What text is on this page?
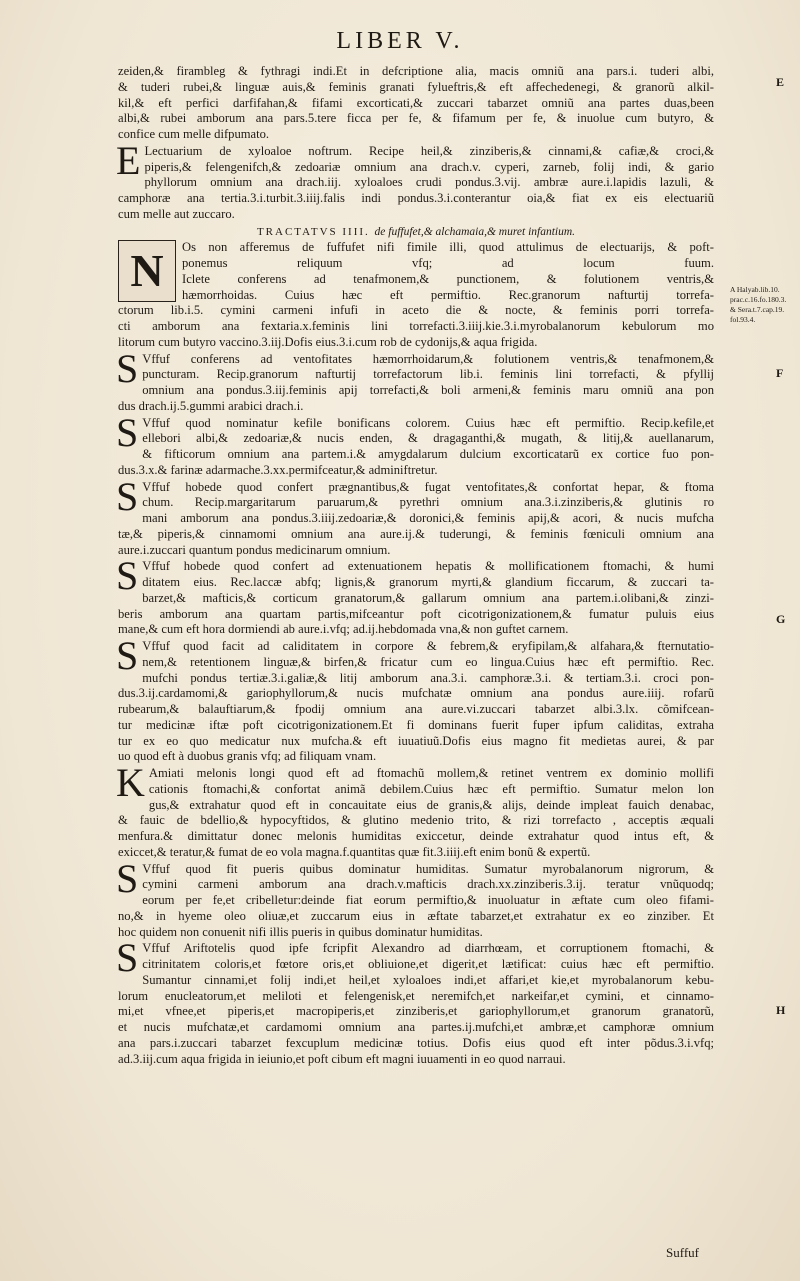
LIBER V.
zeiden,& firambleg & fythragi indi.Et in defcriptione alia, macis omniũ ana pars.i. tuderi albi,
& tuderi rubei,& linguæ auis,& feminis granati fylueftris,& eft affechedenegi, & granorũ alkil-
kil,& eft perfici darfifahan,& fifami excorticati,& zuccari tabarzet omniũ ana partes duas,been
albi,& rubei amborum ana pars.5.tere ficca per fe, & fifamum per fe, & inuolue cum butyro, &
confice cum melle difpumato.
E Lectuarium de xyloaloe noftrum. Recipe heil,& zinziberis,& cinnami,& cafiæ,& croci,&
piperis,& felengenifch,& zedoariæ omnium ana drach.v. cyperi, zarneb, folij indi, & gario
phyllorum omnium ana drach.iij. xyloaloes crudi pondus.3.vij. ambræ aure.i.lapidis lazuli, &
camphoræ ana tertia.3.i.turbit.3.iiij.falis indi pondus.3.i.conterantur oia,& fiat ex eis electuariũ
cum melle aut zuccaro.
TRACTATVS IIII. de fuffufet,& alchamaia,& muret infantium.
N	Os non afferemus de fuffufet nifi fimile illi, quod attulimus de electuarijs, & poft-
ponemus reliquum vfq; ad locum fuum.
Iclete conferens ad tenafmonem,& punctionem, & folutionem ventris,&
hæmorrhoidas. Cuius hæc eft permiftio. Rec.granorum nafturtij torrefa-
ctorum lib.i.5. cymini carmeni infufi in aceto die & nocte, & feminis porri torrefa-
cti amborum ana fextaria.x.feminis lini torrefacti.3.iiij.kie.3.i.myrobalanorum kebulorum mo
litorum cum butyro vaccino.3.iij.Dofis eius.3.i.cum rob de cydonijs,& aqua frigida.
S Vffuf conferens ad ventofitates hæmorrhoidarum,& folutionem ventris,& tenafmonem,&
puncturam. Recip.granorum nafturtij torrefactorum lib.i. feminis lini torrefacti, & pfyllij
omnium ana pondus.3.iij.feminis apij torrefacti,& boli armeni,& feminis maru omniũ ana pon
dus drach.ij.5.gummi arabici drach.i.
S Vffuf quod nominatur kefile bonificans colorem. Cuius hæc eft permiftio. Recip.kefile,et
ellebori albi,& zedoariæ,& nucis enden, & dragaganthi,& mugath, & litij,& auellanarum,
& fifticorum omnium ana partem.i.& amygdalarum dulcium excorticatarũ ex cortice fuo pon-
dus.3.x.& farinæ adarmache.3.xx.permifceatur,& adminiftretur.
S Vffuf hobede quod confert prægnantibus,& fugat ventofitates,& confortat hepar, & ftoma
chum. Recip.margaritarum paruarum,& pyrethri omnium ana.3.i.zinziberis,& glutinis ro
mani amborum ana pondus.3.iiij.zedoariæ,& doronici,& feminis apij,& acori, & nucis mufcha
tæ,& piperis,& cinnamomi omnium ana aure.ij.& tuderungi, & feminis fœniculi omnium ana
aure.i.zuccari quantum pondus medicinarum omnium.
S Vffuf hobede quod confert ad extenuationem hepatis & mollificationem ftomachi, & humi
ditatem eius. Rec.laccæ abfq; lignis,& granorum myrti,& glandium ficcarum, & zuccari ta-
barzet,& mafticis,& corticum granatorum,& gallarum omnium ana partem.i.olibani,& zinzi-
beris amborum ana quartam partis,mifceantur poft cicotrigonizationem,& fumatur puluis eius
mane,& cum eft hora dormiendi ab aure.i.vfq; ad.ij.hebdomada vna,& non guftet carnem.
S Vffuf quod facit ad caliditatem in corpore & febrem,& eryfipilam,& alfahara,& fternutatio-
nem,& retentionem linguæ,& birfen,& fricatur cum eo lingua.Cuius hæc eft permiftio. Rec.
mufchi pondus tertiæ.3.i.galiæ,& litij amborum ana.3.i. camphoræ.3.i. & tertiam.3.i. croci pon-
dus.3.ij.cardamomi,& gariophyllorum,& nucis mufchatæ omnium ana pondus aure.iiij. rofarũ
rubearum,& balauftiarum,& fpodij omnium ana aure.vi.zuccari tabarzet albi.3.lx. cõmifcean-
tur medicinæ iftæ poft cicotrigonizationem.Et fi dominans fuerit fuper ipfum caliditas, extraha
tur ex eo quo medicatur nux mufcha.& eft iuuatiuũ.Dofis eius magno fit medietas aurei, & par
uo quod eft à duobus granis vfq; ad filiquam vnam.
K Amiati melonis longi quod eft ad ftomachũ mollem,& retinet ventrem ex dominio mollifi
cationis ftomachi,& confortat animã debilem.Cuius hæc eft permiftio. Sumatur melon lon
gus,& extrahatur quod eft in concauitate eius de granis,& alijs, deinde impleat fauich denabac,
& fauic de bdellio,& hypocyftidos, & glutino medenio trito, & rizi torrefacto , acceptis æquali
menfura.& dimittatur donec melonis humiditas exiccetur, deinde extrahatur quod intus eft, &
exiccet,& teratur,& fumat de eo vola magna.f.quantitas quæ fit.3.iiij.eft enim bonũ & expertũ.
S Vffuf quod fit pueris quibus dominatur humiditas. Sumatur myrobalanorum nigrorum, &
cymini carmeni amborum ana drach.v.mafticis drach.xx.zinziberis.3.ij. teratur vnũquodq;
eorum per fe,et cribelletur:deinde fiat eorum permiftio,& inuoluatur in æftate cum oleo fifami-
no,& in hyeme oleo oliuæ,et zuccarum eius in æftate tabarzet,et extrahatur ex eo zinziber. Et
hoc quidem non conuenit nifi illis pueris in quibus dominatur humiditas.
S Vffuf Ariftotelis quod ipfe fcripfit Alexandro ad diarrhœam, et corruptionem ftomachi, &
citrinitatem coloris,et fœtore oris,et obliuione,et digerit,et lætificat: cuius hæc eft permiftio.
Sumantur cinnami,et folij indi,et heil,et xyloaloes indi,et affari,et kie,et myrobalanorum kebu-
lorum enucleatorum,et meliloti et felengenisk,et neremifch,et narkeifar,et cymini, et cinnamo-
mi,et vfnee,et piperis,et macropiperis,et zinziberis,et gariophyllorum,et granorum granatorũ,
et nucis mufchatæ,et cardamomi omnium ana partes.ij.mufchi,et ambræ,et camphoræ omnium
ana pars.i.zuccari tabarzet fexcuplum medicinæ totius. Dofis eius quod eft inter põdus.3.i.vfq;
ad.3.iij.cum aqua frigida in ieiunio,et poft cibum eft magni iuuamenti in eo quod narraui.
E
F
G
H
A Halyab.lib.10.
prac.c.16.fo.180.3.
& Sera.t.7.cap.19.
fol.93.4.
Suffuf
